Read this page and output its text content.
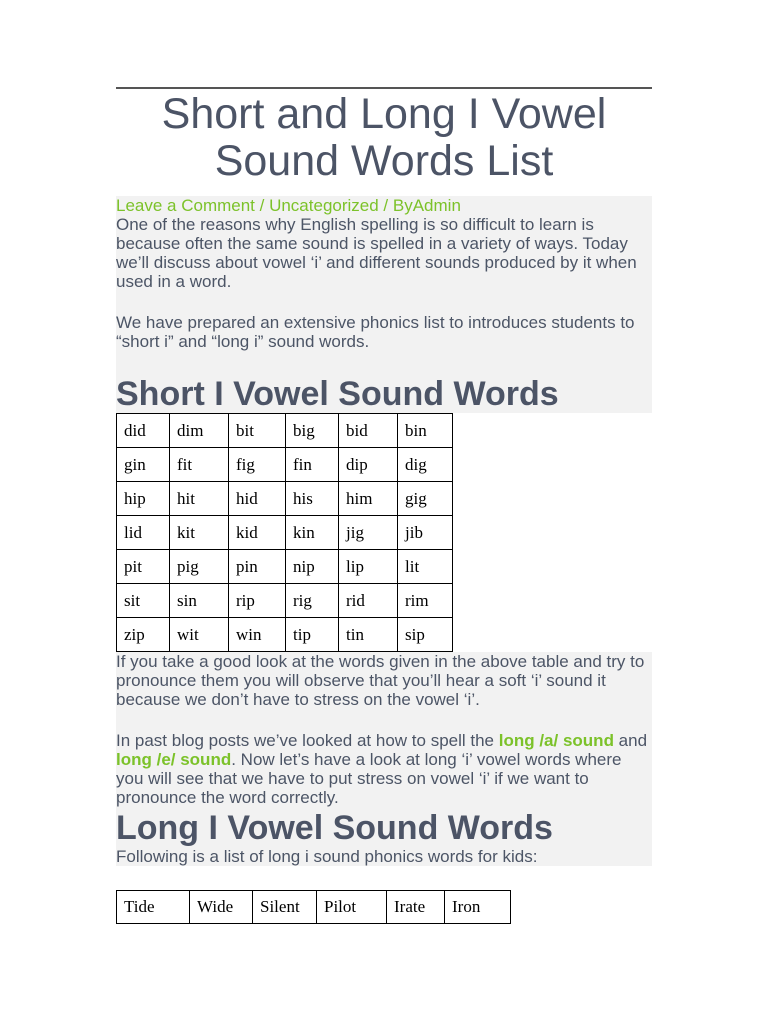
Short and Long I Vowel Sound Words List
Leave a Comment / Uncategorized / ByAdmin

One of the reasons why English spelling is so difficult to learn is because often the same sound is spelled in a variety of ways. Today we’ll discuss about vowel ‘i’ and different sounds produced by it when used in a word.

We have prepared an extensive phonics list to introduces students to “short i” and “long i” sound words.

Short I Vowel Sound Words
did	dim	bit	big	bid	bin
gin	fit	fig	fin	dip	dig
hip	hit	hid	his	him	gig
lid	kit	kid	kin	jig	jib
pit	pig	pin	nip	lip	lit
sit	sin	rip	rig	rid	rim
zip	wit	win	tip	tin	sip

If you take a good look at the words given in the above table and try to pronounce them you will observe that you’ll hear a soft ‘i’ sound it because we don’t have to stress on the vowel ‘i’.

In past blog posts we’ve looked at how to spell the long /a/ sound and long /e/ sound. Now let’s have a look at long ‘i’ vowel words where you will see that we have to put stress on vowel ‘i’ if we want to pronounce the word correctly.

Long I Vowel Sound Words

Following is a list of long i sound phonics words for kids:

Tide	Wide	Silent	Pilot	Irate	Iron
